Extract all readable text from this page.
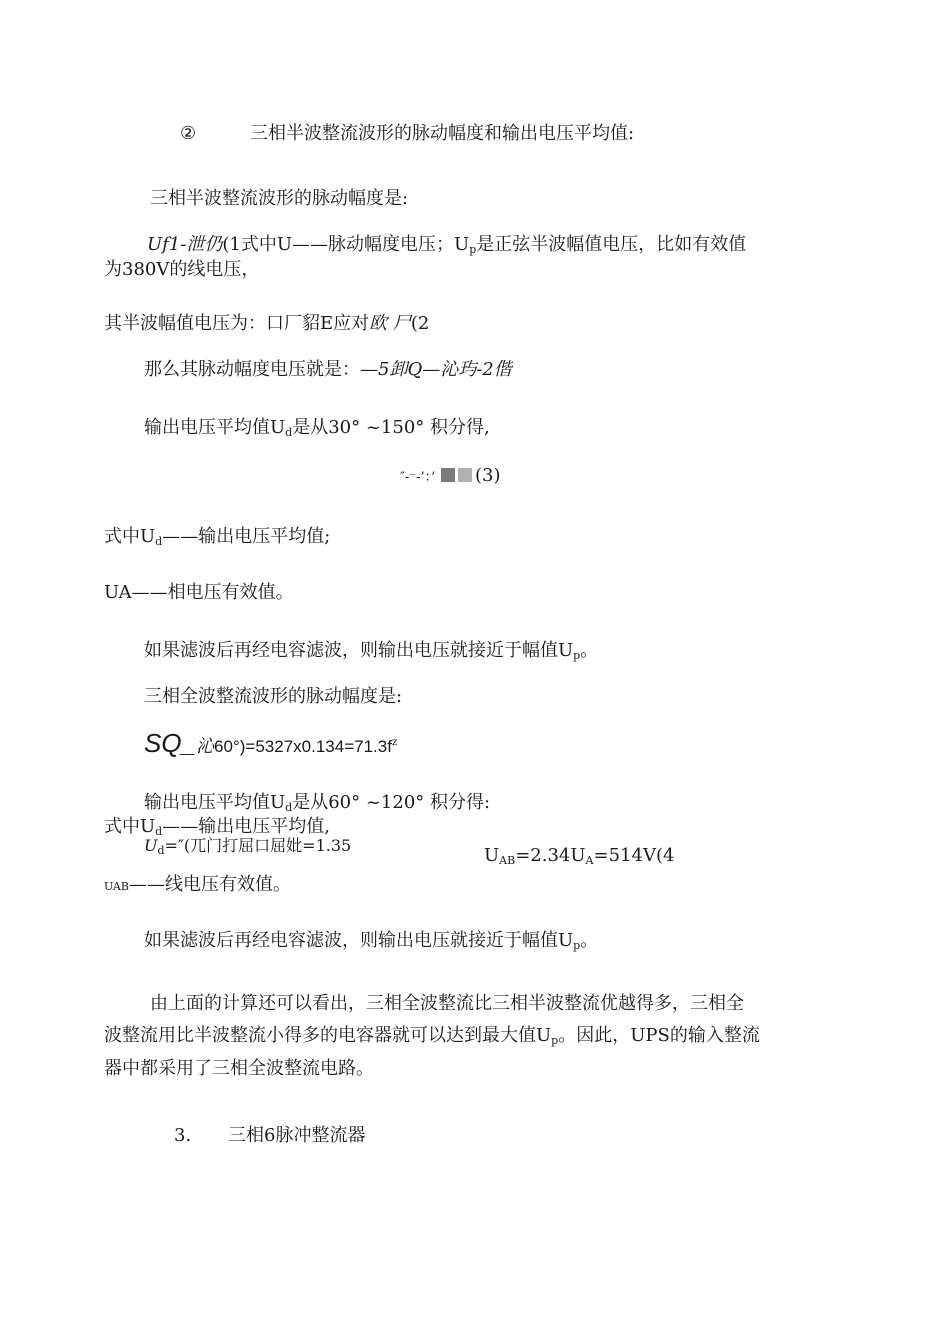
②	三相半波整流波形的脉动幅度和输出电压平均值:
三相半波整流波形的脉动幅度是:
Uf1-泄仍(1式中U——脉动幅度电压；$U_p$是正弦半波幅值电压，比如有效值
为380V的线电压，
其半波幅值电压为：口厂貂E应对欧 尸(2
那么其脉动幅度电压就是：—5卸Q—沁玙-2偕
输出电压平均值$U_d$是从30° ~150° 积分得,
″-⁻-’：’ (3)
式中$U_d——$输出电压平均值;
UA——相电压有效值。
如果滤波后再经电容滤波，则输出电压就接近于幅值$U_p$。
三相全波整流波形的脉动幅度是:
SQ_沁$60^\circ)=5327x0.134=71.3f^z$
输出电压平均值$U_d$是从60° ~120° 积分得:
式中$U_d——$输出电压平均值,
$U_d=''$(兀门打屈口屈妣=1.35	$U_{AB}=2.34U_A=514V(4$
UAB——线电压有效值。
如果滤波后再经电容滤波，则输出电压就接近于幅值$U_p$。
由上面的计算还可以看出，三相全波整流比三相半波整流优越得多，三相全
波整流用比半波整流小得多的电容器就可以达到最大值$U_p$。因此，UPS的输入整流
器中都采用了三相全波整流电路。
3. 三相6脉冲整流器
